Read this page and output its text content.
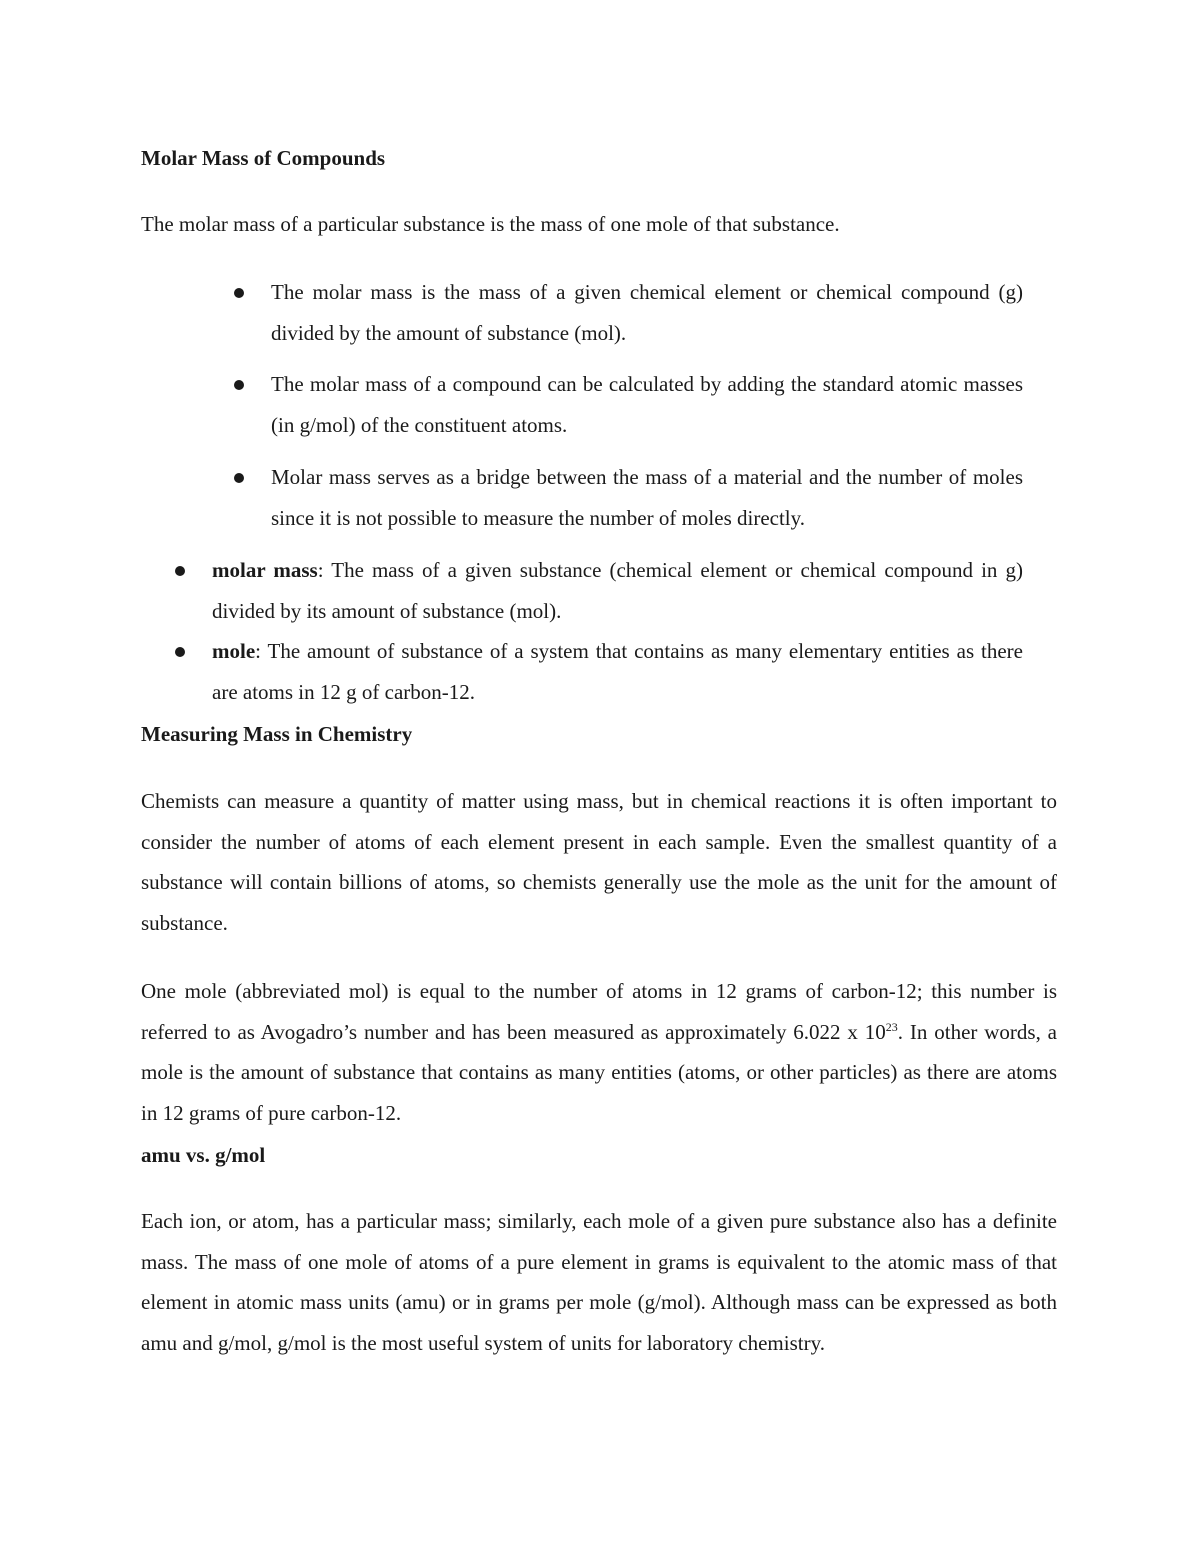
Molar Mass of Compounds

The molar mass of a particular substance is the mass of one mole of that substance.

The molar mass is the mass of a given chemical element or chemical compound (g) divided by the amount of substance (mol).

The molar mass of a compound can be calculated by adding the standard atomic masses (in g/mol) of the constituent atoms.

Molar mass serves as a bridge between the mass of a material and the number of moles since it is not possible to measure the number of moles directly.

molar mass: The mass of a given substance (chemical element or chemical compound in g) divided by its amount of substance (mol).

mole: The amount of substance of a system that contains as many elementary entities as there are atoms in 12 g of carbon-12.

Measuring Mass in Chemistry

Chemists can measure a quantity of matter using mass, but in chemical reactions it is often important to consider the number of atoms of each element present in each sample. Even the smallest quantity of a substance will contain billions of atoms, so chemists generally use the mole as the unit for the amount of substance.

One mole (abbreviated mol) is equal to the number of atoms in 12 grams of carbon-12; this number is referred to as Avogadro’s number and has been measured as approximately 6.022 x $10^{23}$. In other words, a mole is the amount of substance that contains as many entities (atoms, or other particles) as there are atoms in 12 grams of pure carbon-12.

amu vs. g/mol

Each ion, or atom, has a particular mass; similarly, each mole of a given pure substance also has a definite mass. The mass of one mole of atoms of a pure element in grams is equivalent to the atomic mass of that element in atomic mass units (amu) or in grams per mole (g/mol). Although mass can be expressed as both amu and g/mol, g/mol is the most useful system of units for laboratory chemistry.
